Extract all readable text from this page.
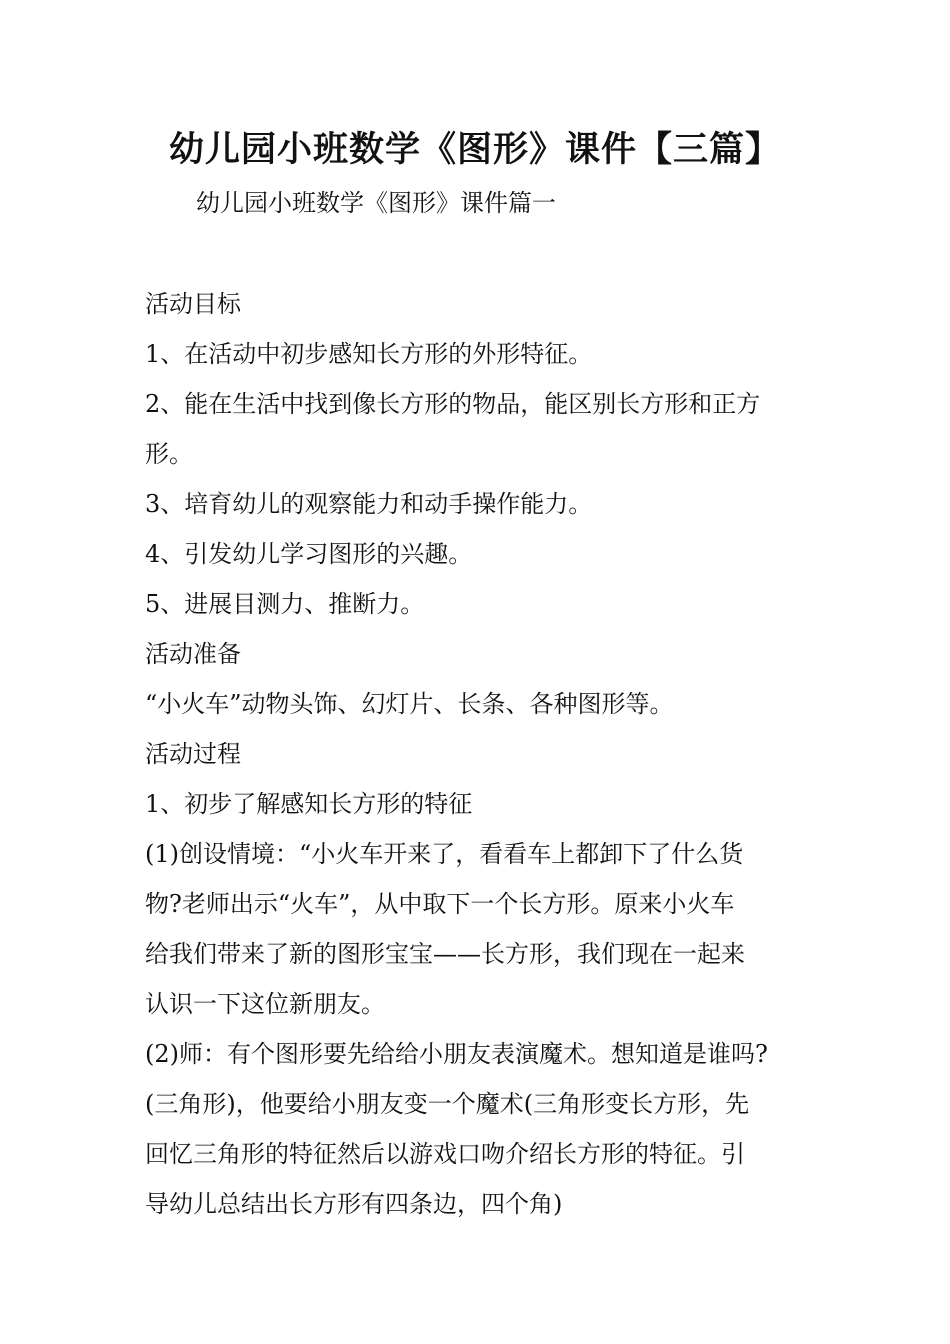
幼儿园小班数学《图形》课件【三篇】
幼儿园小班数学《图形》课件篇一
活动目标
1、在活动中初步感知长方形的外形特征。
2、能在生活中找到像长方形的物品，能区别长方形和正方
形。
3、培育幼儿的观察能力和动手操作能力。
4、引发幼儿学习图形的兴趣。
5、进展目测力、推断力。
活动准备
“小火车”动物头饰、幻灯片、长条、各种图形等。
活动过程
1、初步了解感知长方形的特征
(1)创设情境：“小火车开来了，看看车上都卸下了什么货
物?老师出示“火车”，从中取下一个长方形。原来小火车
给我们带来了新的图形宝宝——长方形，我们现在一起来
认识一下这位新朋友。
(2)师：有个图形要先给给小朋友表演魔术。想知道是谁吗?
(三角形)，他要给小朋友变一个魔术(三角形变长方形，先
回忆三角形的特征然后以游戏口吻介绍长方形的特征。引
导幼儿总结出长方形有四条边，四个角)
